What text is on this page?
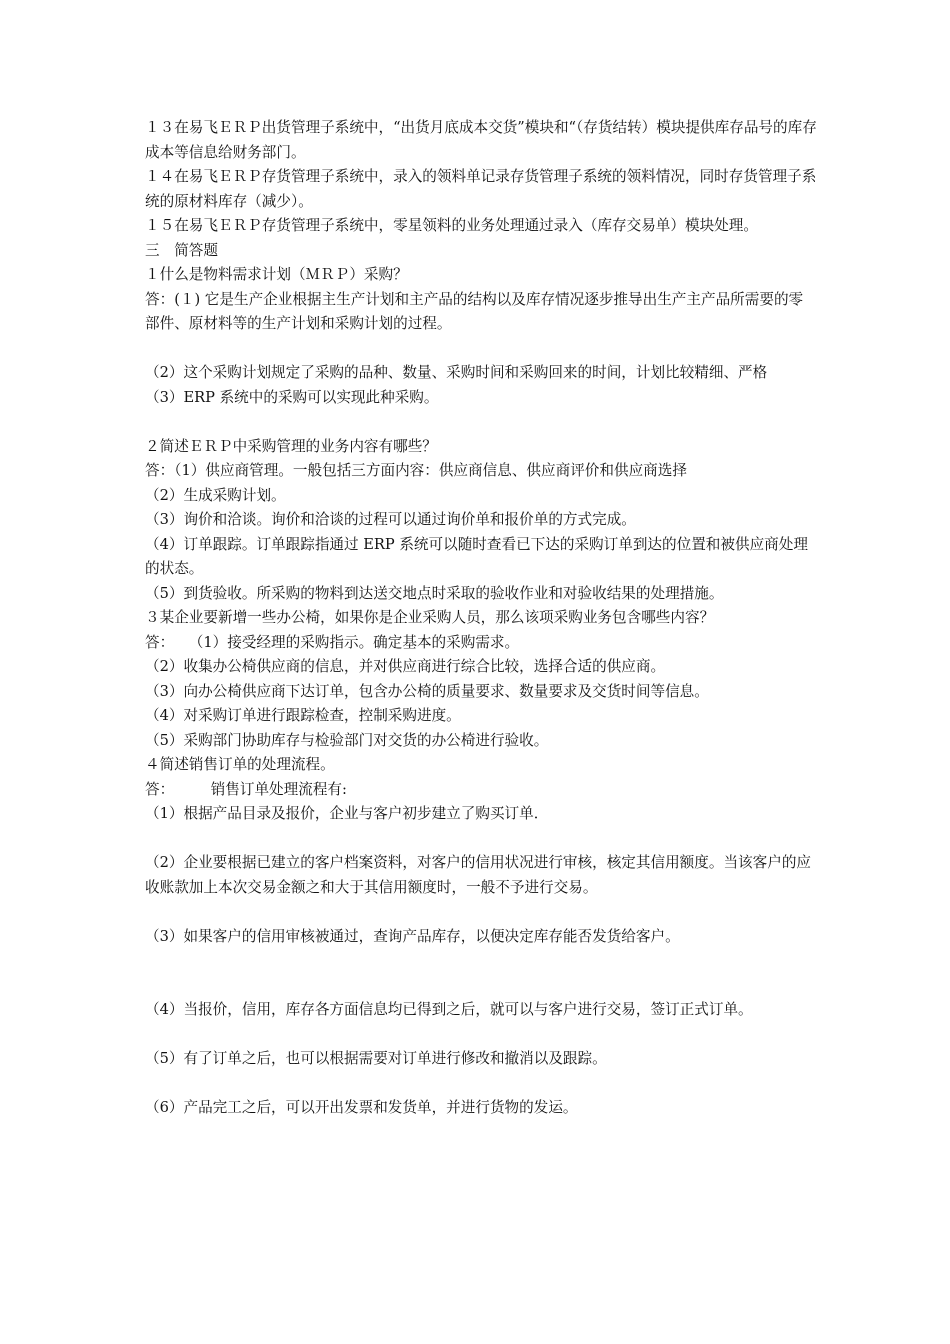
１３在易飞ＥＲＰ出货管理子系统中，“出货月底成本交货”模块和“（存货结转）模块提供库存品号的库存成本等信息给财务部门。

１４在易飞ＥＲＰ存货管理子系统中，录入的领料单记录存货管理子系统的领料情况，同时存货管理子系统的原材料库存（减少）。

１５在易飞ＥＲＰ存货管理子系统中，零星领料的业务处理通过录入（库存交易单）模块处理。

三　简答题

１什么是物料需求计划（ＭＲＰ）采购？

答：(１) 它是生产企业根据主生产计划和主产品的结构以及库存情况逐步推导出生产主产品所需要的零部件、原材料等的生产计划和采购计划的过程。

（2）这个采购计划规定了采购的品种、数量、采购时间和采购回来的时间，计划比较精细、严格

（3）ERP 系统中的采购可以实现此种采购。

２简述ＥＲＰ中采购管理的业务内容有哪些？

答：（1）供应商管理。一般包括三方面内容：供应商信息、供应商评价和供应商选择

（2）生成采购计划。

（3）询价和洽谈。询价和洽谈的过程可以通过询价单和报价单的方式完成。

（4）订单跟踪。订单跟踪指通过 ERP 系统可以随时查看已下达的采购订单到达的位置和被供应商处理的状态。

（5）到货验收。所采购的物料到达送交地点时采取的验收作业和对验收结果的处理措施。

３某企业要新增一些办公椅，如果你是企业采购人员，那么该项采购业务包含哪些内容？

答：　　（1）接受经理的采购指示。确定基本的采购需求。

（2）收集办公椅供应商的信息，并对供应商进行综合比较，选择合适的供应商。

（3）向办公椅供应商下达订单，包含办公椅的质量要求、数量要求及交货时间等信息。

（4）对采购订单进行跟踪检查，控制采购进度。

（5）采购部门协助库存与检验部门对交货的办公椅进行验收。

４简述销售订单的处理流程。

答：　　　销售订单处理流程有:

（1）根据产品目录及报价，企业与客户初步建立了购买订单．

（2）企业要根据已建立的客户档案资料，对客户的信用状况进行审核，核定其信用额度。当该客户的应收账款加上本次交易金额之和大于其信用额度时，一般不予进行交易。

（3）如果客户的信用审核被通过，查询产品库存，以便决定库存能否发货给客户。

（4）当报价，信用，库存各方面信息均已得到之后，就可以与客户进行交易，签订正式订单。

（5）有了订单之后，也可以根据需要对订单进行修改和撤消以及跟踪。

（6）产品完工之后，可以开出发票和发货单，并进行货物的发运。
